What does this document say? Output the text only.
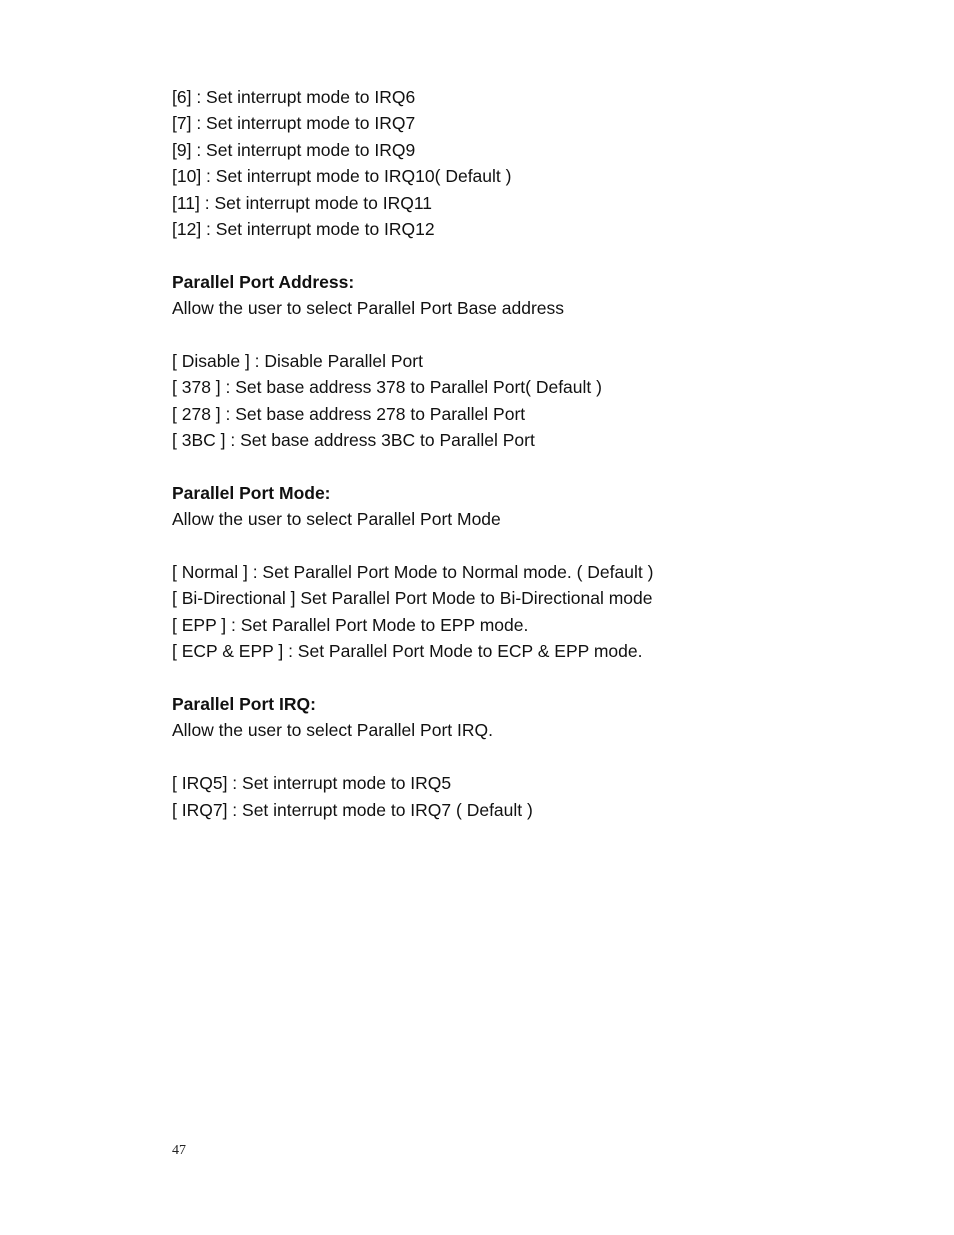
[6] : Set interrupt mode to IRQ6

[7] : Set interrupt mode to IRQ7

[9] : Set interrupt mode to IRQ9

[10] : Set interrupt mode to IRQ10( Default )

[11] : Set interrupt mode to IRQ11

[12] : Set interrupt mode to IRQ12

Parallel Port Address:

Allow the user to select Parallel Port Base address

[ Disable ] : Disable Parallel Port

[ 378 ] : Set base address 378 to Parallel Port( Default )

[ 278 ] : Set base address 278 to Parallel Port

[ 3BC ] : Set base address 3BC to Parallel Port

Parallel Port Mode:

Allow the user to select Parallel Port Mode

[ Normal ] : Set Parallel Port Mode to Normal mode. ( Default )

[ Bi-Directional ] Set Parallel Port Mode to Bi-Directional mode

[ EPP ] : Set Parallel Port Mode to EPP mode.

[ ECP & EPP ] : Set Parallel Port Mode to ECP & EPP mode.

Parallel Port IRQ:

Allow the user to select Parallel Port IRQ.

[ IRQ5] : Set interrupt mode to IRQ5

[ IRQ7] : Set interrupt mode to IRQ7 ( Default )

47
